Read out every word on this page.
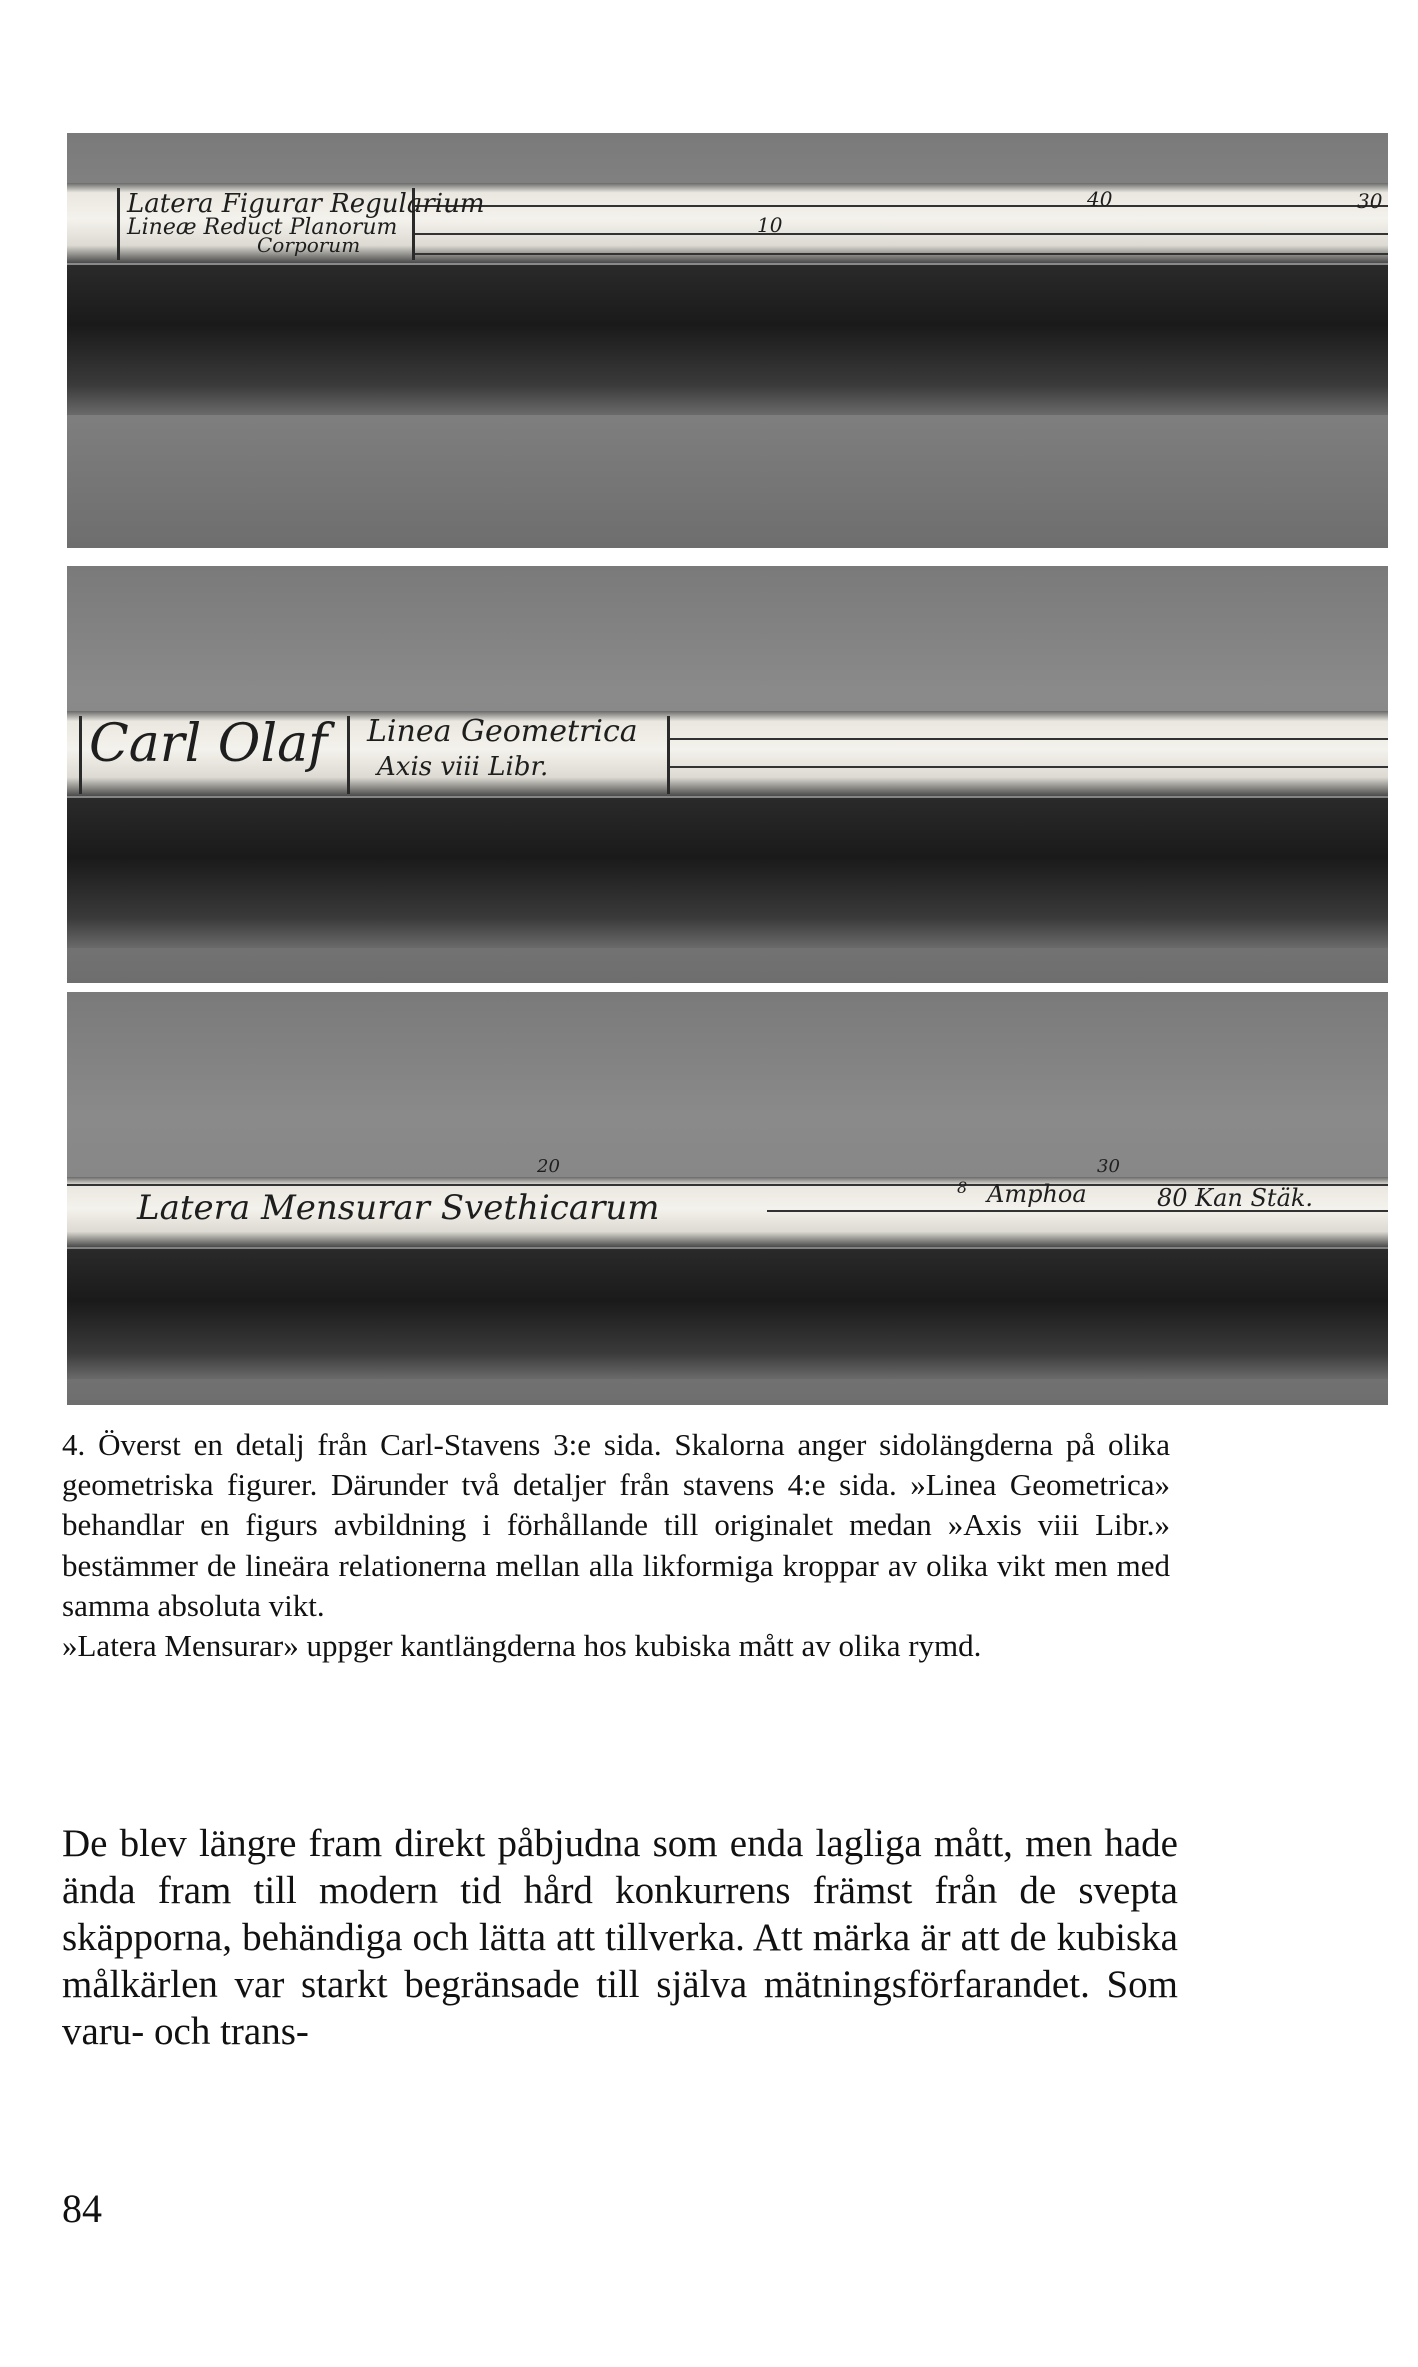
Latera Figurar Regularium
Lineæ Reduct Planorum
Corporum
10
40	30
Carl Olaf Linea Geometrica
Axis viii Libr.
Latera Mensurar Svethicarum	Amphoa	80 Kan Stäk.
20	30
8

4. Överst en detalj från Carl-Stavens 3:e sida. Skalorna anger sidolängderna på olika geometriska figurer. Därunder två detaljer från stavens 4:e sida. »Linea Geometrica» behandlar en figurs avbildning i förhållande till originalet medan »Axis viii Libr.» bestämmer de lineära relationerna mellan alla likformiga kroppar av olika vikt men med samma absoluta vikt.

»Latera Mensurar» uppger kantlängderna hos kubiska mått av olika rymd.

De blev längre fram direkt påbjudna som enda lagliga mått, men hade ända fram till modern tid hård konkurrens främst från de svepta skäpporna, behändiga och lätta att tillverka. Att märka är att de kubiska målkärlen var starkt begränsade till själva mätningsförfarandet. Som varu- och trans-

84
